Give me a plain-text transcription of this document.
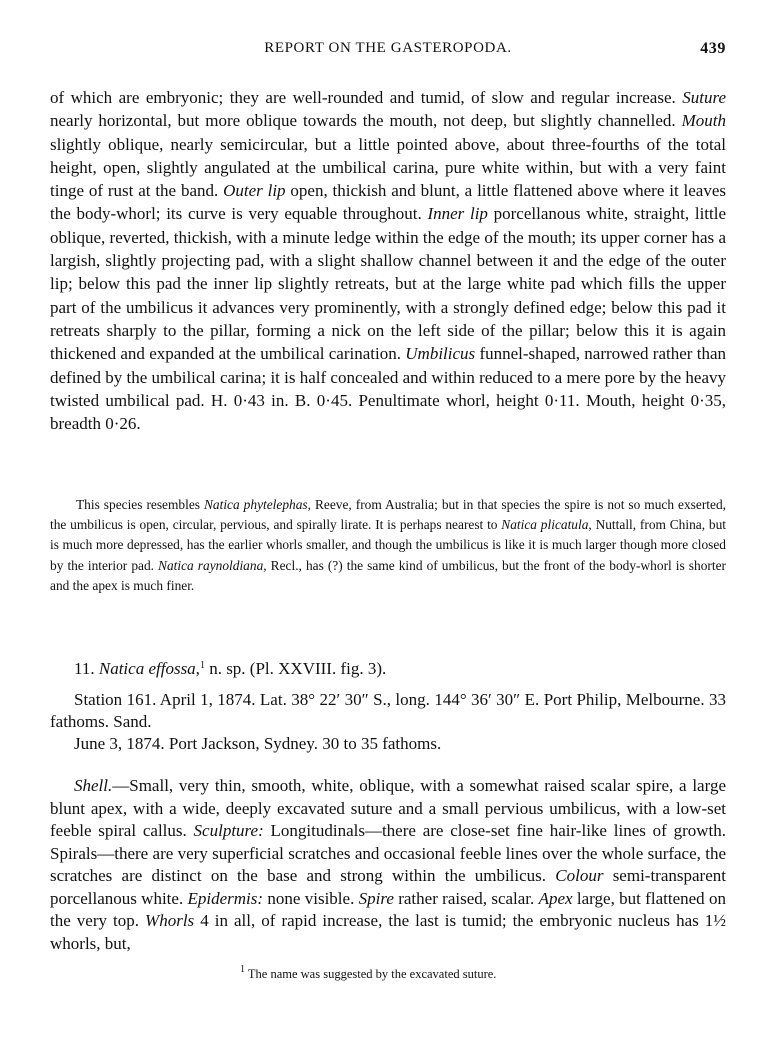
REPORT ON THE GASTEROPODA.	439

of which are embryonic; they are well-rounded and tumid, of slow and regular increase. Suture nearly horizontal, but more oblique towards the mouth, not deep, but slightly channelled. Mouth slightly oblique, nearly semicircular, but a little pointed above, about three-fourths of the total height, open, slightly angulated at the umbilical carina, pure white within, but with a very faint tinge of rust at the band. Outer lip open, thickish and blunt, a little flattened above where it leaves the body-whorl; its curve is very equable throughout. Inner lip porcellanous white, straight, little oblique, reverted, thickish, with a minute ledge within the edge of the mouth; its upper corner has a largish, slightly projecting pad, with a slight shallow channel between it and the edge of the outer lip; below this pad the inner lip slightly retreats, but at the large white pad which fills the upper part of the umbilicus it advances very prominently, with a strongly defined edge; below this pad it retreats sharply to the pillar, forming a nick on the left side of the pillar; below this it is again thickened and expanded at the umbilical carination. Umbilicus funnel-shaped, narrowed rather than defined by the umbilical carina; it is half concealed and within reduced to a mere pore by the heavy twisted umbilical pad. H. 0·43 in. B. 0·45. Penultimate whorl, height 0·11. Mouth, height 0·35, breadth 0·26.

This species resembles Natica phytelephas, Reeve, from Australia; but in that species the spire is not so much exserted, the umbilicus is open, circular, pervious, and spirally lirate. It is perhaps nearest to Natica plicatula, Nuttall, from China, but is much more depressed, has the earlier whorls smaller, and though the umbilicus is like it is much larger though more closed by the interior pad. Natica raynoldiana, Recl., has (?) the same kind of umbilicus, but the front of the body-whorl is shorter and the apex is much finer.

11. Natica effossa,$^1$ n. sp. (Pl. XXVIII. fig. 3).

Station 161. April 1, 1874. Lat. 38° 22′ 30″ S., long. 144° 36′ 30″ E. Port Philip, Melbourne. 33 fathoms. Sand.

June 3, 1874. Port Jackson, Sydney. 30 to 35 fathoms.

Shell.—Small, very thin, smooth, white, oblique, with a somewhat raised scalar spire, a large blunt apex, with a wide, deeply excavated suture and a small pervious umbilicus, with a low-set feeble spiral callus. Sculpture: Longitudinals—there are close-set fine hair-like lines of growth. Spirals—there are very superficial scratches and occasional feeble lines over the whole surface, the scratches are distinct on the base and strong within the umbilicus. Colour semi-transparent porcellanous white. Epidermis: none visible. Spire rather raised, scalar. Apex large, but flattened on the very top. Whorls 4 in all, of rapid increase, the last is tumid; the embryonic nucleus has 1½ whorls, but,

$^1$ The name was suggested by the excavated suture.
